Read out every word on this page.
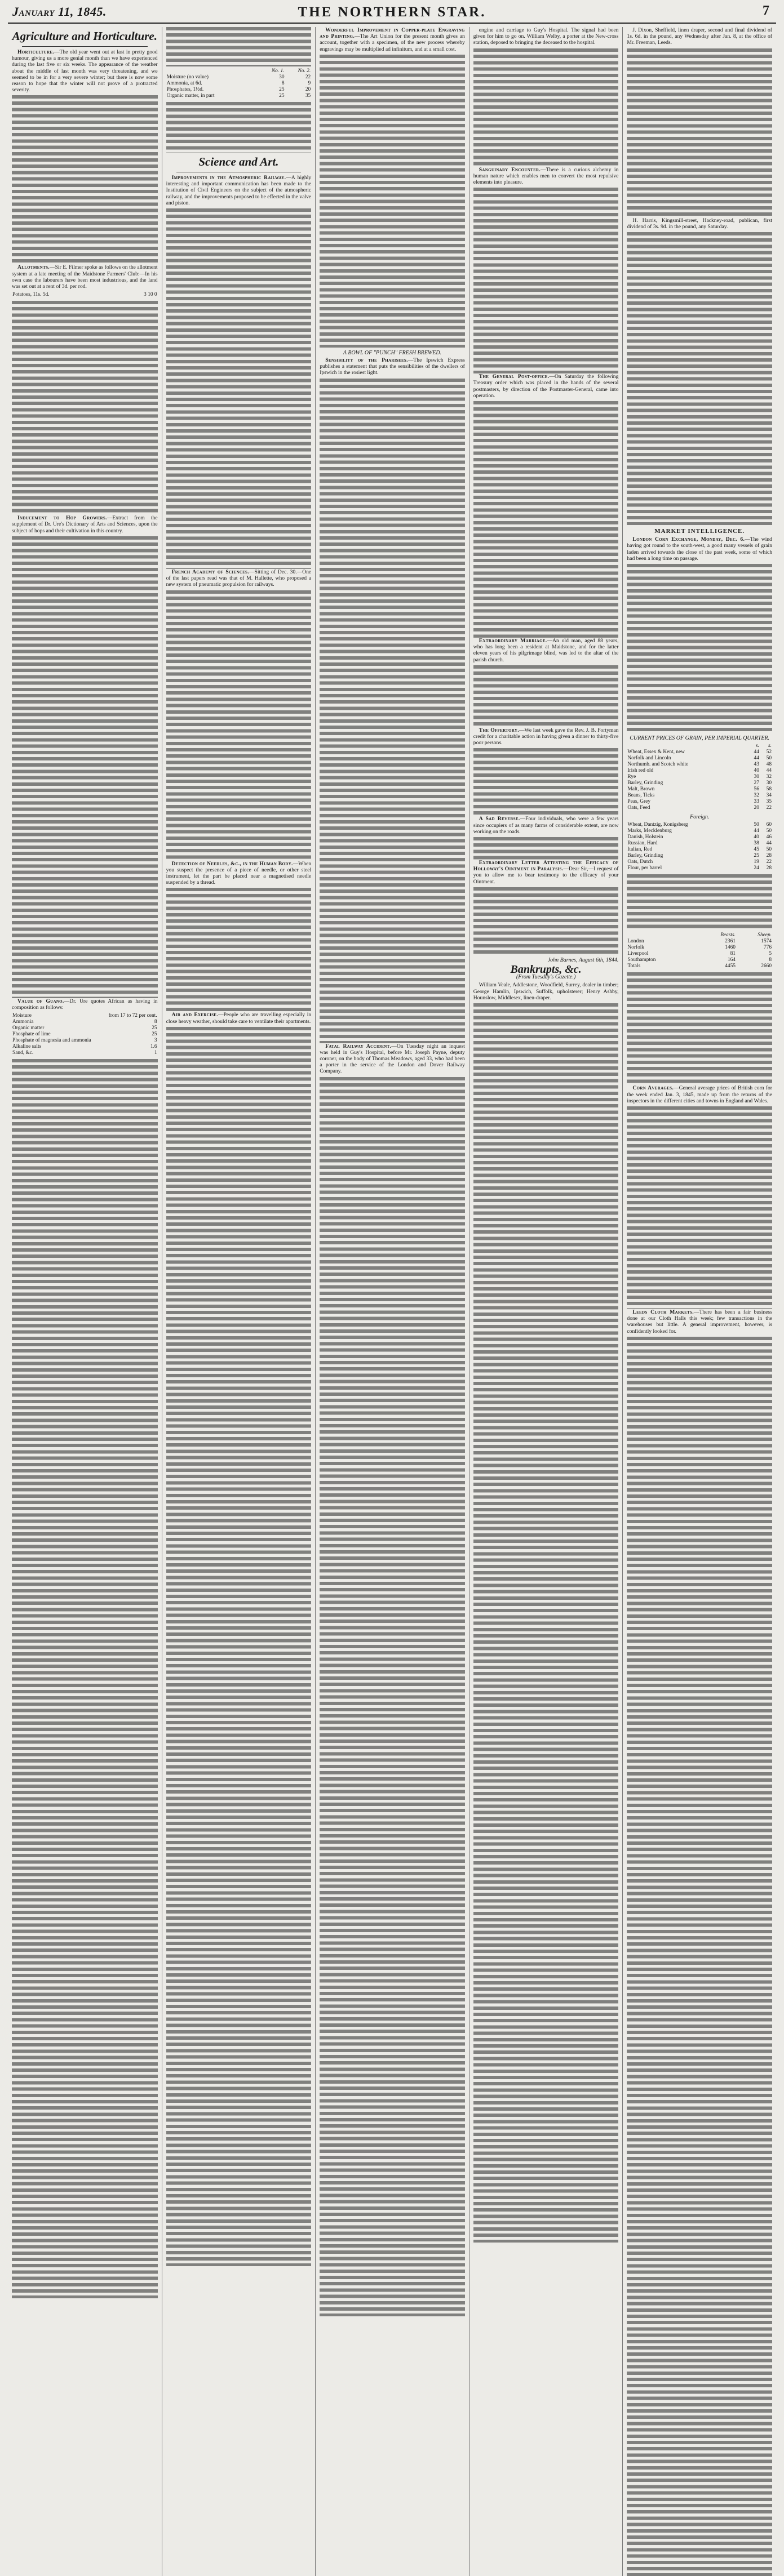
January 11, 1845.	THE NORTHERN STAR.	7
Agriculture and Horticulture.

Horticulture.—The old year went out at last in pretty good humour, giving us a more genial month than we have experienced during the last five or six weeks. The appearance of the weather about the middle of last month was very threatening, and we seemed to be in for a very severe winter; but there is now some reason to hope that the winter will not prove of a protracted severity.

Allotments.—Sir E. Filmer spoke as follows on the allotment system at a late meeting of the Maidstone Farmers' Club:—In his own case the labourers have been most industrious, and the land was set out at a rent of 3d. per rod.

Potatoes, 11s. 5d.	3 10 0

Inducement to Hop Growers.—Extract from the supplement of Dr. Ure's Dictionary of Arts and Sciences, upon the subject of hops and their cultivation in this country.

Value of Guano.—Dr. Ure quotes African as having in composition as follows:

Moisture	from 17 to 72 per cent.
Ammonia	8
Organic matter	25
Phosphate of lime	25
Phosphate of magnesia and ammonia	3
Alkaline salts	1.6
Sand, &c.	1
	No. 1.	No. 2.
Moisture (no value)	30	22
Ammonia, at 6d.	8	9
Phosphates, 1½d.	25	20
Organic matter, in part	25	35
Science and Art.

Improvements in the Atmospheric Railway.—A highly interesting and important communication has been made to the Institution of Civil Engineers on the subject of the atmospheric railway, and the improvements proposed to be effected in the valve and piston.

French Academy of Sciences.—Sitting of Dec. 30.—One of the last papers read was that of M. Hallette, who proposed a new system of pneumatic propulsion for railways.

Detection of Needles, &c., in the Human Body.—When you suspect the presence of a piece of needle, or other steel instrument, let the part be placed near a magnetised needle suspended by a thread.

Air and Exercise.—People who are travelling especially in close heavy weather, should take care to ventilate their apartments.

Wonderful Improvement in Copper-plate Engraving and Printing.—The Art Union for the present month gives an account, together with a specimen, of the new process whereby engravings may be multiplied ad infinitum, and at a small cost.

A BOWL OF "PUNCH" FRESH BREWED.

Sensibility of the Pharisees.—The Ipswich Express publishes a statement that puts the sensibilities of the dwellers of Ipswich in the rosiest light.

Fatal Railway Accident.—On Tuesday night an inquest was held in Guy's Hospital, before Mr. Joseph Payne, deputy coroner, on the body of Thomas Meadows, aged 33, who had been a porter in the service of the London and Dover Railway Company.

engine and carriage to Guy's Hospital. The signal had been given for him to go on. William Welby, a porter at the New-cross station, deposed to bringing the deceased to the hospital.

Sanguinary Encounter.—There is a curious alchemy in human nature which enables men to convert the most repulsive elements into pleasure.

The General Post-office.—On Saturday the following Treasury order which was placed in the hands of the several postmasters, by direction of the Postmaster-General, came into operation.

Extraordinary Marriage.—An old man, aged 88 years, who has long been a resident at Maidstone, and for the latter eleven years of his pilgrimage blind, was led to the altar of the parish church.

The Offertory.—We last week gave the Rev. J. B. Fortyman credit for a charitable action in having given a dinner to thirty-five poor persons.

A Sad Reverse.—Four individuals, who were a few years since occupiers of as many farms of considerable extent, are now working on the roads.

Extraordinary Letter Attesting the Efficacy of Holloway's Ointment in Paralysis.—Dear Sir,—I request of you to allow me to bear testimony to the efficacy of your Ointment.

John Barnes, August 6th, 1844.
Bankrupts, &c.
(From Tuesday's Gazette.)

William Veale, Addlestone, Woodfield, Surrey, dealer in timber; George Hamlin, Ipswich, Suffolk, upholsterer; Henry Ashby, Hounslow, Middlesex, linen-draper.

J. Dixon, Sheffield, linen draper, second and final dividend of 1s. 6d. in the pound, any Wednesday after Jan. 8, at the office of Mr. Freeman, Leeds.

H. Harris, Kingsmill-street, Hackney-road, publican, first dividend of 3s. 9d. in the pound, any Saturday.

MARKET INTELLIGENCE.

London Corn Exchange, Monday, Dec. 6.—The wind having got round to the south-west, a good many vessels of grain laden arrived towards the close of the past week, some of which had been a long time on passage.

CURRENT PRICES OF GRAIN, PER IMPERIAL QUARTER.
	s.	s.
Wheat, Essex & Kent, new	44	52
Norfolk and Lincoln	44	50
Northumb. and Scotch white	43	48
Irish red old	40	44
Rye	30	32
Barley, Grinding	27	30
Malt, Brown	56	58
Beans, Ticks	32	34
Peas, Grey	33	35
Oats, Feed	20	22
Foreign.
Wheat, Dantzig, Konigsberg	50	60
Marks, Mecklenburg	44	50
Danish, Holstein	40	46
Russian, Hard	38	44
Italian, Red	45	50
Barley, Grinding	25	28
Oats, Dutch	19	22
Flour, per barrel	24	28
	Beasts.	Sheep.
London	2361	1574
Norfolk	1460	776
Liverpool	81	5
Southampton	164	8
Totals	4455	2660

Corn Averages.—General average prices of British corn for the week ended Jan. 3, 1845, made up from the returns of the inspectors in the different cities and towns in England and Wales.

Leeds Cloth Markets.—There has been a fair business done at our Cloth Halls this week; few transactions in the warehouses but little. A general improvement, however, is confidently looked for.
